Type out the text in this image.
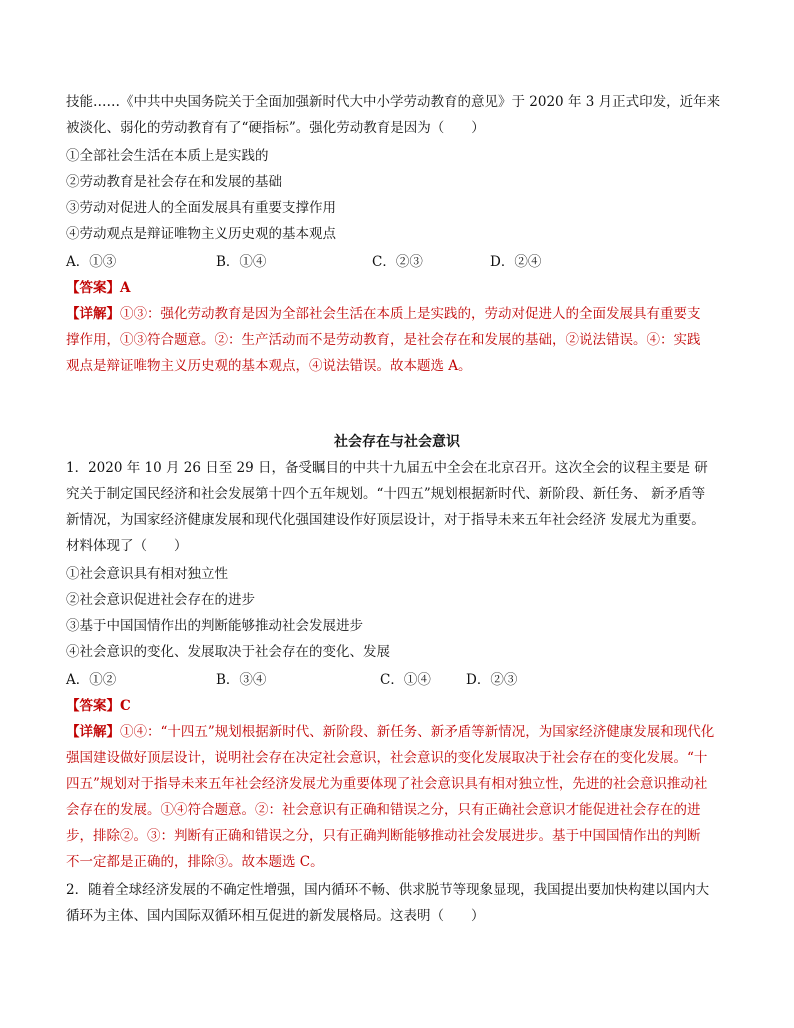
技能……《中共中央国务院关于全面加强新时代大中小学劳动教育的意见》于 2020 年 3 月正式印发，近年来
被淡化、弱化的劳动教育有了“硬指标”。强化劳动教育是因为（　　）
①全部社会生活在本质上是实践的
②劳动教育是社会存在和发展的基础
③劳动对促进人的全面发展具有重要支撑作用
④劳动观点是辩证唯物主义历史观的基本观点
A．①③	B．①④	C．②③	D．②④
【答案】A
【详解】①③：强化劳动教育是因为全部社会生活在本质上是实践的，劳动对促进人的全面发展具有重要支
撑作用，①③符合题意。②：生产活动而不是劳动教育，是社会存在和发展的基础，②说法错误。④：实践
观点是辩证唯物主义历史观的基本观点，④说法错误。故本题选 A。
社会存在与社会意识
1．2020 年 10 月 26 日至 29 日，备受瞩目的中共十九届五中全会在北京召开。这次全会的议程主要是 研
究关于制定国民经济和社会发展第十四个五年规划。“十四五”规划根据新时代、新阶段、新任务、 新矛盾等
新情况，为国家经济健康发展和现代化强国建设作好顶层设计，对于指导未来五年社会经济 发展尤为重要。
材料体现了（　　）
①社会意识具有相对独立性
②社会意识促进社会存在的进步
③基于中国国情作出的判断能够推动社会发展进步
④社会意识的变化、发展取决于社会存在的变化、发展
A．①②	B．③④	C．①④	D．②③
【答案】C
【详解】①④：“十四五”规划根据新时代、新阶段、新任务、新矛盾等新情况，为国家经济健康发展和现代化
强国建设做好顶层设计，说明社会存在决定社会意识，社会意识的变化发展取决于社会存在的变化发展。“十
四五”规划对于指导未来五年社会经济发展尤为重要体现了社会意识具有相对独立性，先进的社会意识推动社
会存在的发展。①④符合题意。②：社会意识有正确和错误之分，只有正确社会意识才能促进社会存在的进
步，排除②。③：判断有正确和错误之分，只有正确判断能够推动社会发展进步。基于中国国情作出的判断
不一定都是正确的，排除③。故本题选 C。
2．随着全球经济发展的不确定性增强，国内循环不畅、供求脱节等现象显现，我国提出要加快构建以国内大
循环为主体、国内国际双循环相互促进的新发展格局。这表明（　　）
